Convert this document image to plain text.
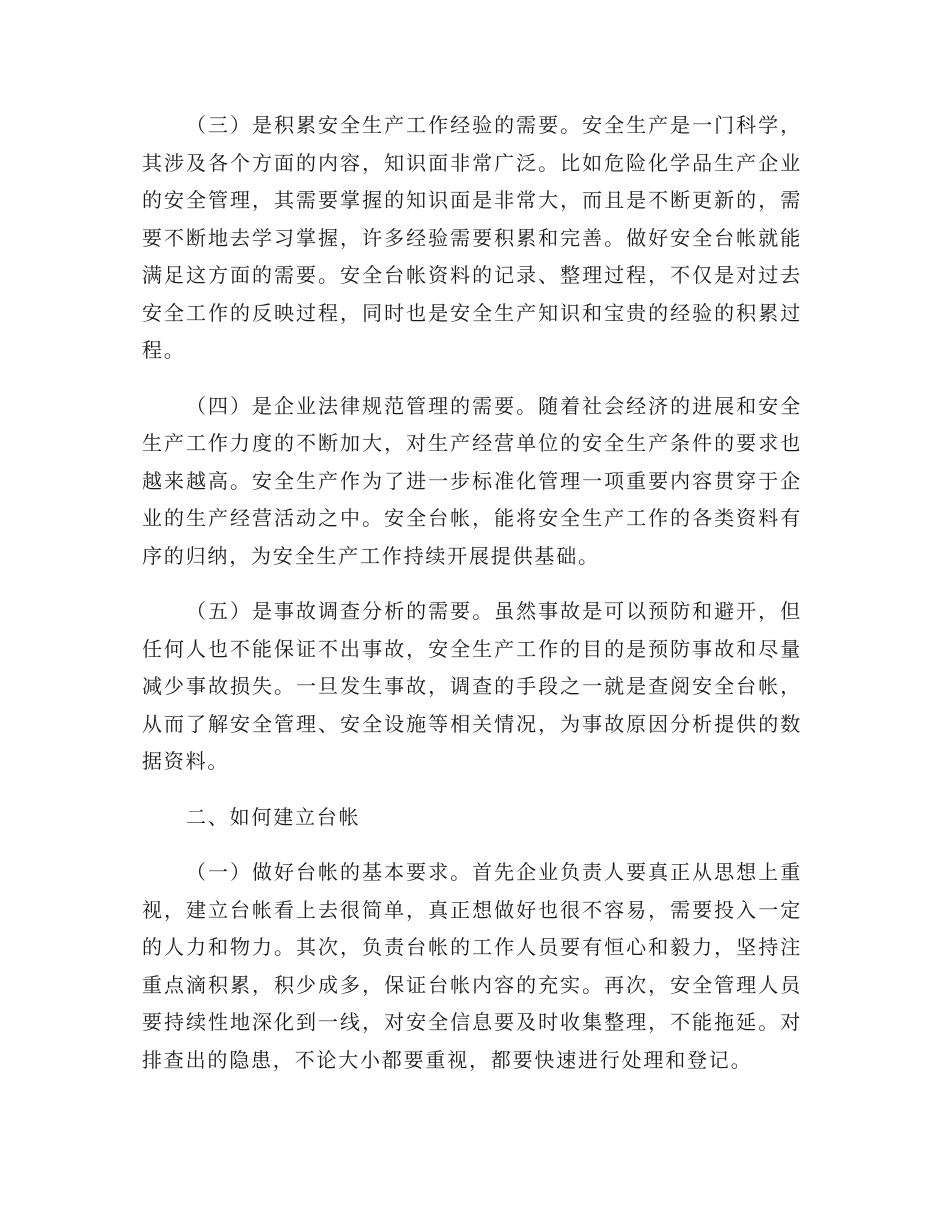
（三）是积累安全生产工作经验的需要。安全生产是一门科学，其涉及各个方面的内容，知识面非常广泛。比如危险化学品生产企业的安全管理，其需要掌握的知识面是非常大，而且是不断更新的，需要不断地去学习掌握，许多经验需要积累和完善。做好安全台帐就能满足这方面的需要。安全台帐资料的记录、整理过程，不仅是对过去安全工作的反映过程，同时也是安全生产知识和宝贵的经验的积累过程。

（四）是企业法律规范管理的需要。随着社会经济的进展和安全生产工作力度的不断加大，对生产经营单位的安全生产条件的要求也越来越高。安全生产作为了进一步标准化管理一项重要内容贯穿于企业的生产经营活动之中。安全台帐，能将安全生产工作的各类资料有序的归纳，为安全生产工作持续开展提供基础。

（五）是事故调查分析的需要。虽然事故是可以预防和避开，但任何人也不能保证不出事故，安全生产工作的目的是预防事故和尽量减少事故损失。一旦发生事故，调查的手段之一就是查阅安全台帐，从而了解安全管理、安全设施等相关情况，为事故原因分析提供的数据资料。

二、如何建立台帐

（一）做好台帐的基本要求。首先企业负责人要真正从思想上重视，建立台帐看上去很简单，真正想做好也很不容易，需要投入一定的人力和物力。其次，负责台帐的工作人员要有恒心和毅力，坚持注重点滴积累，积少成多，保证台帐内容的充实。再次，安全管理人员要持续性地深化到一线，对安全信息要及时收集整理，不能拖延。对排查出的隐患，不论大小都要重视，都要快速进行处理和登记。
